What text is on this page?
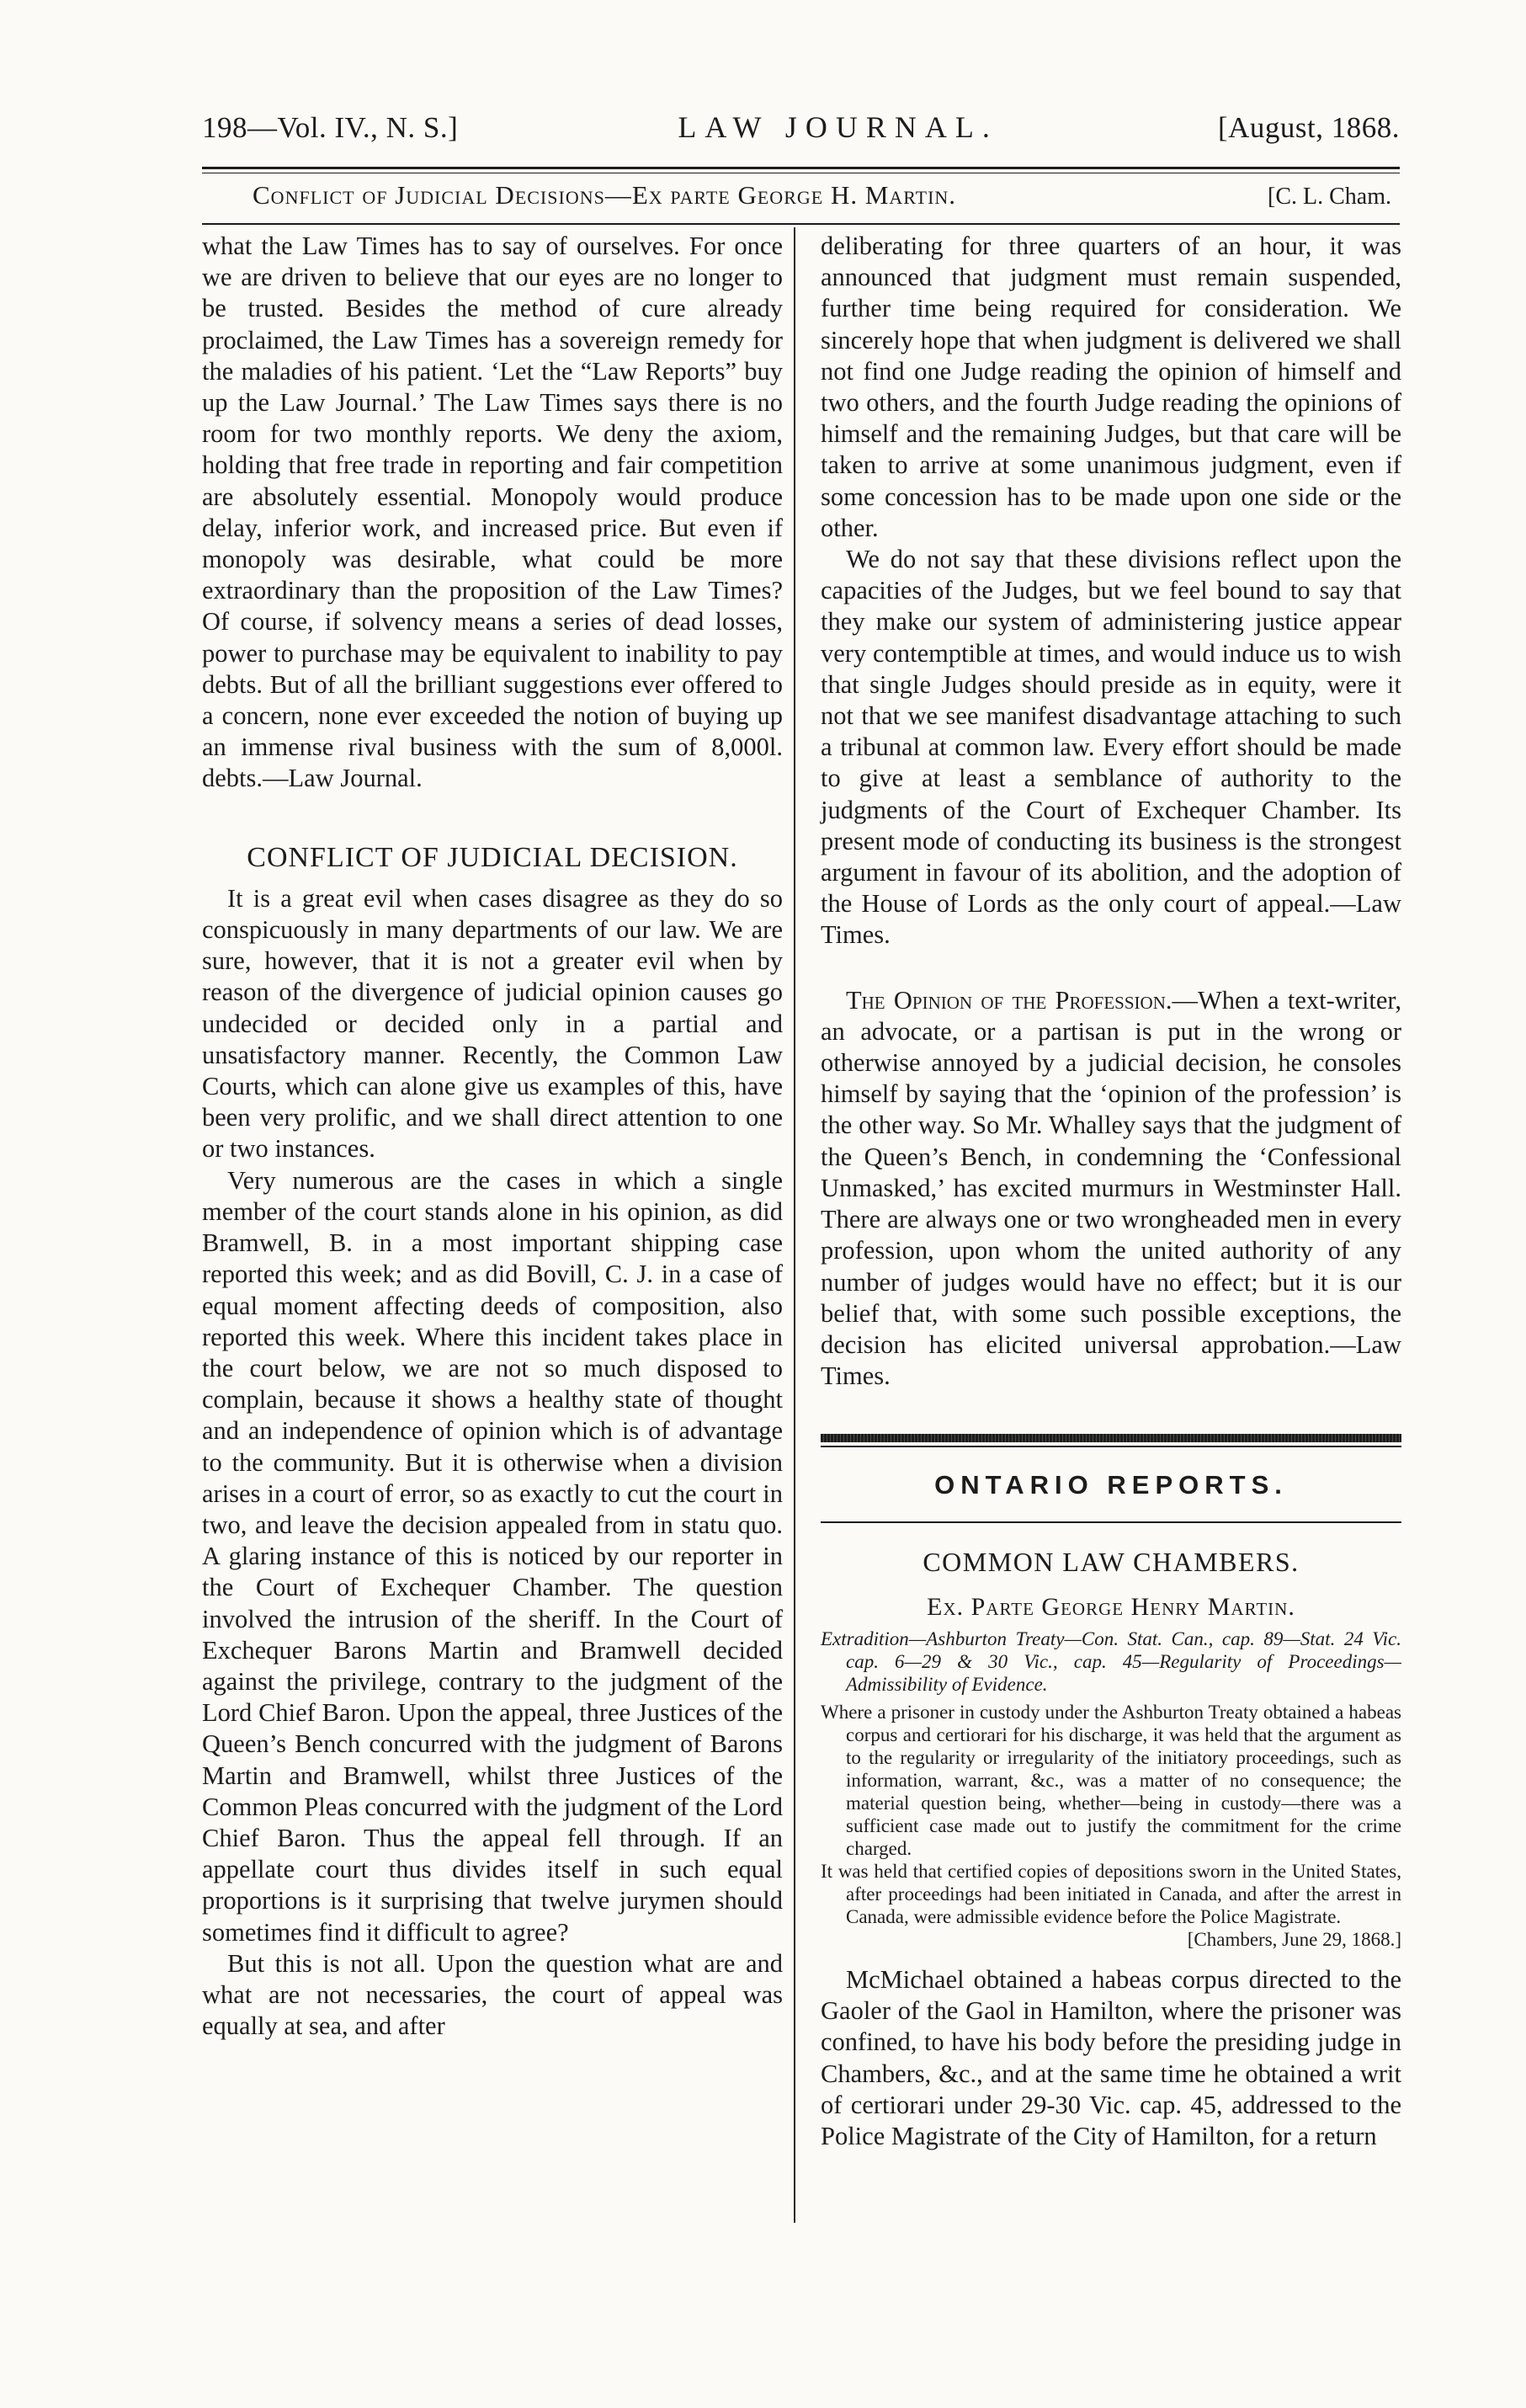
198—Vol. IV., N. S.]	LAW JOURNAL.	[August, 1868.
Conflict of Judicial Decisions—Ex parte George H. Martin.	[C. L. Cham.

what the Law Times has to say of ourselves. For once we are driven to believe that our eyes are no longer to be trusted. Besides the method of cure already proclaimed, the Law Times has a sovereign remedy for the maladies of his patient. ‘Let the “Law Reports” buy up the Law Journal.’ The Law Times says there is no room for two monthly reports. We deny the axiom, holding that free trade in reporting and fair competition are absolutely essential. Monopoly would produce delay, inferior work, and increased price. But even if monopoly was desirable, what could be more extraordinary than the proposition of the Law Times? Of course, if solvency means a series of dead losses, power to purchase may be equivalent to inability to pay debts. But of all the brilliant suggestions ever offered to a concern, none ever exceeded the notion of buying up an immense rival business with the sum of 8,000l. debts.—Law Journal.

CONFLICT OF JUDICIAL DECISION.

It is a great evil when cases disagree as they do so conspicuously in many departments of our law. We are sure, however, that it is not a greater evil when by reason of the divergence of judicial opinion causes go undecided or decided only in a partial and unsatisfactory manner. Recently, the Common Law Courts, which can alone give us examples of this, have been very prolific, and we shall direct attention to one or two instances.

Very numerous are the cases in which a single member of the court stands alone in his opinion, as did Bramwell, B. in a most important shipping case reported this week; and as did Bovill, C. J. in a case of equal moment affecting deeds of composition, also reported this week. Where this incident takes place in the court below, we are not so much disposed to complain, because it shows a healthy state of thought and an independence of opinion which is of advantage to the community. But it is otherwise when a division arises in a court of error, so as exactly to cut the court in two, and leave the decision appealed from in statu quo. A glaring instance of this is noticed by our reporter in the Court of Exchequer Chamber. The question involved the intrusion of the sheriff. In the Court of Exchequer Barons Martin and Bramwell decided against the privilege, contrary to the judgment of the Lord Chief Baron. Upon the appeal, three Justices of the Queen’s Bench concurred with the judgment of Barons Martin and Bramwell, whilst three Justices of the Common Pleas concurred with the judgment of the Lord Chief Baron. Thus the appeal fell through. If an appellate court thus divides itself in such equal proportions is it surprising that twelve jurymen should sometimes find it difficult to agree?

But this is not all. Upon the question what are and what are not necessaries, the court of appeal was equally at sea, and after

deliberating for three quarters of an hour, it was announced that judgment must remain suspended, further time being required for consideration. We sincerely hope that when judgment is delivered we shall not find one Judge reading the opinion of himself and two others, and the fourth Judge reading the opinions of himself and the remaining Judges, but that care will be taken to arrive at some unanimous judgment, even if some concession has to be made upon one side or the other.

We do not say that these divisions reflect upon the capacities of the Judges, but we feel bound to say that they make our system of administering justice appear very contemptible at times, and would induce us to wish that single Judges should preside as in equity, were it not that we see manifest disadvantage attaching to such a tribunal at common law. Every effort should be made to give at least a semblance of authority to the judgments of the Court of Exchequer Chamber. Its present mode of conducting its business is the strongest argument in favour of its abolition, and the adoption of the House of Lords as the only court of appeal.—Law Times.

The Opinion of the Profession.—When a text-writer, an advocate, or a partisan is put in the wrong or otherwise annoyed by a judicial decision, he consoles himself by saying that the ‘opinion of the profession’ is the other way. So Mr. Whalley says that the judgment of the Queen’s Bench, in condemning the ‘Confessional Unmasked,’ has excited murmurs in Westminster Hall. There are always one or two wrongheaded men in every profession, upon whom the united authority of any number of judges would have no effect; but it is our belief that, with some such possible exceptions, the decision has elicited universal approbation.—Law Times.

ONTARIO REPORTS.
COMMON LAW CHAMBERS.
Ex. Parte George Henry Martin.

Extradition—Ashburton Treaty—Con. Stat. Can., cap. 89—Stat. 24 Vic. cap. 6—29 & 30 Vic., cap. 45—Regularity of Proceedings—Admissibility of Evidence.

Where a prisoner in custody under the Ashburton Treaty obtained a habeas corpus and certiorari for his discharge, it was held that the argument as to the regularity or irregularity of the initiatory proceedings, such as information, warrant, &c., was a matter of no consequence; the material question being, whether—being in custody—there was a sufficient case made out to justify the commitment for the crime charged.

It was held that certified copies of depositions sworn in the United States, after proceedings had been initiated in Canada, and after the arrest in Canada, were admissible evidence before the Police Magistrate.

[Chambers, June 29, 1868.]

McMichael obtained a habeas corpus directed to the Gaoler of the Gaol in Hamilton, where the prisoner was confined, to have his body before the presiding judge in Chambers, &c., and at the same time he obtained a writ of certiorari under 29-30 Vic. cap. 45, addressed to the Police Magistrate of the City of Hamilton, for a return
